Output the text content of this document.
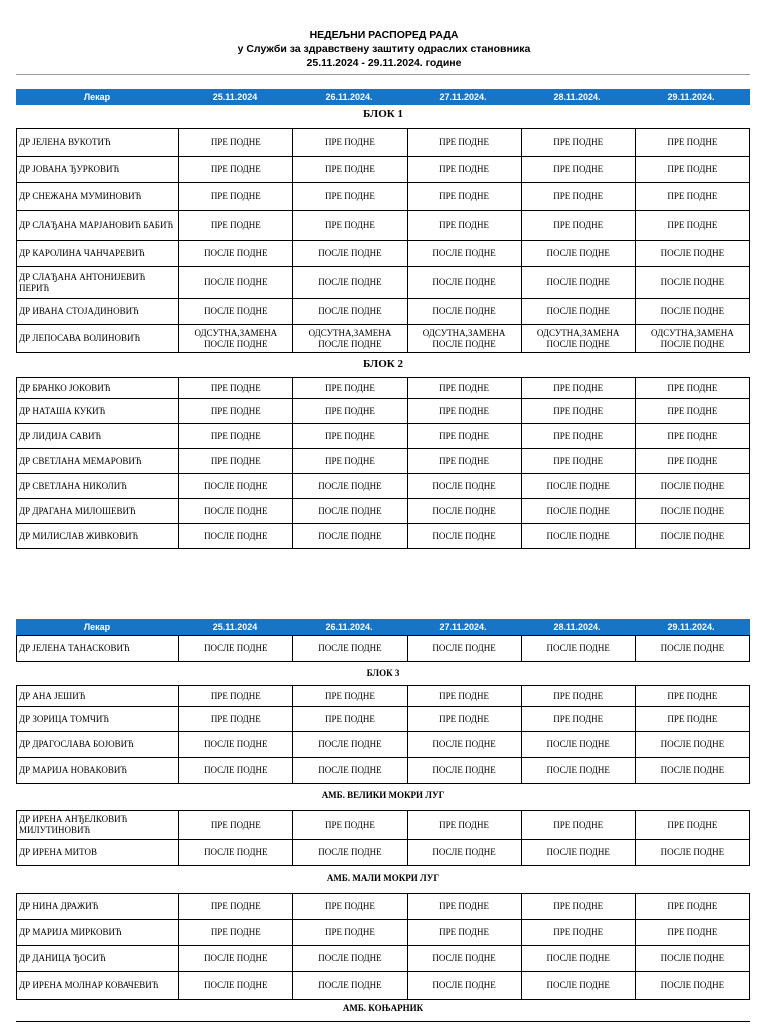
НЕДЕЉНИ РАСПОРЕД РАДА
у Служби за здравствену заштиту одраслих становника
25.11.2024 - 29.11.2024. године
Лекар	25.11.2024	26.11.2024.	27.11.2024.	28.11.2024.	29.11.2024.
БЛОК 1
ДР ЈЕЛЕНА ВУКОТИЋ	ПРЕ ПОДНЕ	ПРЕ ПОДНЕ	ПРЕ ПОДНЕ	ПРЕ ПОДНЕ	ПРЕ ПОДНЕ
ДР ЈОВАНА ЂУРКОВИЋ	ПРЕ ПОДНЕ	ПРЕ ПОДНЕ	ПРЕ ПОДНЕ	ПРЕ ПОДНЕ	ПРЕ ПОДНЕ
ДР СНЕЖАНА МУМИНОВИЋ	ПРЕ ПОДНЕ	ПРЕ ПОДНЕ	ПРЕ ПОДНЕ	ПРЕ ПОДНЕ	ПРЕ ПОДНЕ
ДР СЛАЂАНА МАРЈАНОВИЋ БАБИЋ	ПРЕ ПОДНЕ	ПРЕ ПОДНЕ	ПРЕ ПОДНЕ	ПРЕ ПОДНЕ	ПРЕ ПОДНЕ
ДР КАРОЛИНА ЧАНЧАРЕВИЋ	ПОСЛЕ ПОДНЕ	ПОСЛЕ ПОДНЕ	ПОСЛЕ ПОДНЕ	ПОСЛЕ ПОДНЕ	ПОСЛЕ ПОДНЕ
ДР СЛАЂАНА АНТОНИЈЕВИЋ ПЕРИЋ	ПОСЛЕ ПОДНЕ	ПОСЛЕ ПОДНЕ	ПОСЛЕ ПОДНЕ	ПОСЛЕ ПОДНЕ	ПОСЛЕ ПОДНЕ
ДР ИВАНА СТОЈАДИНОВИЋ	ПОСЛЕ ПОДНЕ	ПОСЛЕ ПОДНЕ	ПОСЛЕ ПОДНЕ	ПОСЛЕ ПОДНЕ	ПОСЛЕ ПОДНЕ
ДР ЛЕПОСАВА ВОЛИНОВИЋ	ОДСУТНА,ЗАМЕНА ПОСЛЕ ПОДНЕ	ОДСУТНА,ЗАМЕНА ПОСЛЕ ПОДНЕ	ОДСУТНА,ЗАМЕНА ПОСЛЕ ПОДНЕ	ОДСУТНА,ЗАМЕНА ПОСЛЕ ПОДНЕ	ОДСУТНА,ЗАМЕНА ПОСЛЕ ПОДНЕ
БЛОК 2
ДР БРАНКО ЈОКОВИЋ	ПРЕ ПОДНЕ	ПРЕ ПОДНЕ	ПРЕ ПОДНЕ	ПРЕ ПОДНЕ	ПРЕ ПОДНЕ
ДР НАТАША КУКИЋ	ПРЕ ПОДНЕ	ПРЕ ПОДНЕ	ПРЕ ПОДНЕ	ПРЕ ПОДНЕ	ПРЕ ПОДНЕ
ДР ЛИДИЈА САВИЋ	ПРЕ ПОДНЕ	ПРЕ ПОДНЕ	ПРЕ ПОДНЕ	ПРЕ ПОДНЕ	ПРЕ ПОДНЕ
ДР СВЕТЛАНА МЕМАРОВИЋ	ПРЕ ПОДНЕ	ПРЕ ПОДНЕ	ПРЕ ПОДНЕ	ПРЕ ПОДНЕ	ПРЕ ПОДНЕ
ДР СВЕТЛАНА НИКОЛИЋ	ПОСЛЕ ПОДНЕ	ПОСЛЕ ПОДНЕ	ПОСЛЕ ПОДНЕ	ПОСЛЕ ПОДНЕ	ПОСЛЕ ПОДНЕ
ДР ДРАГАНА МИЛОШЕВИЋ	ПОСЛЕ ПОДНЕ	ПОСЛЕ ПОДНЕ	ПОСЛЕ ПОДНЕ	ПОСЛЕ ПОДНЕ	ПОСЛЕ ПОДНЕ
ДР МИЛИСЛАВ ЖИВКОВИЋ	ПОСЛЕ ПОДНЕ	ПОСЛЕ ПОДНЕ	ПОСЛЕ ПОДНЕ	ПОСЛЕ ПОДНЕ	ПОСЛЕ ПОДНЕ
Лекар	25.11.2024	26.11.2024.	27.11.2024.	28.11.2024.	29.11.2024.
ДР ЈЕЛЕНА ТАНАСКОВИЋ	ПОСЛЕ ПОДНЕ	ПОСЛЕ ПОДНЕ	ПОСЛЕ ПОДНЕ	ПОСЛЕ ПОДНЕ	ПОСЛЕ ПОДНЕ
БЛОК 3
ДР АНА ЈЕШИЋ	ПРЕ ПОДНЕ	ПРЕ ПОДНЕ	ПРЕ ПОДНЕ	ПРЕ ПОДНЕ	ПРЕ ПОДНЕ
ДР ЗОРИЦА ТОМЧИЋ	ПРЕ ПОДНЕ	ПРЕ ПОДНЕ	ПРЕ ПОДНЕ	ПРЕ ПОДНЕ	ПРЕ ПОДНЕ
ДР ДРАГОСЛАВА БОЈОВИЋ	ПОСЛЕ ПОДНЕ	ПОСЛЕ ПОДНЕ	ПОСЛЕ ПОДНЕ	ПОСЛЕ ПОДНЕ	ПОСЛЕ ПОДНЕ
ДР МАРИЈА НОВАКОВИЋ	ПОСЛЕ ПОДНЕ	ПОСЛЕ ПОДНЕ	ПОСЛЕ ПОДНЕ	ПОСЛЕ ПОДНЕ	ПОСЛЕ ПОДНЕ
АМБ. ВЕЛИКИ МОКРИ ЛУГ
ДР ИРЕНА АНЂЕЛКОВИЋ МИЛУТИНОВИЋ	ПРЕ ПОДНЕ	ПРЕ ПОДНЕ	ПРЕ ПОДНЕ	ПРЕ ПОДНЕ	ПРЕ ПОДНЕ
ДР ИРЕНА МИТОВ	ПОСЛЕ ПОДНЕ	ПОСЛЕ ПОДНЕ	ПОСЛЕ ПОДНЕ	ПОСЛЕ ПОДНЕ	ПОСЛЕ ПОДНЕ
АМБ. МАЛИ МОКРИ ЛУГ
ДР НИНА ДРАЖИЋ	ПРЕ ПОДНЕ	ПРЕ ПОДНЕ	ПРЕ ПОДНЕ	ПРЕ ПОДНЕ	ПРЕ ПОДНЕ
ДР МАРИЈА МИРКОВИЋ	ПРЕ ПОДНЕ	ПРЕ ПОДНЕ	ПРЕ ПОДНЕ	ПРЕ ПОДНЕ	ПРЕ ПОДНЕ
ДР ДАНИЦА ЂОСИЋ	ПОСЛЕ ПОДНЕ	ПОСЛЕ ПОДНЕ	ПОСЛЕ ПОДНЕ	ПОСЛЕ ПОДНЕ	ПОСЛЕ ПОДНЕ
ДР ИРЕНА МОЛНАР КОВАЧЕВИЋ	ПОСЛЕ ПОДНЕ	ПОСЛЕ ПОДНЕ	ПОСЛЕ ПОДНЕ	ПОСЛЕ ПОДНЕ	ПОСЛЕ ПОДНЕ
АМБ. КОЊАРНИК
